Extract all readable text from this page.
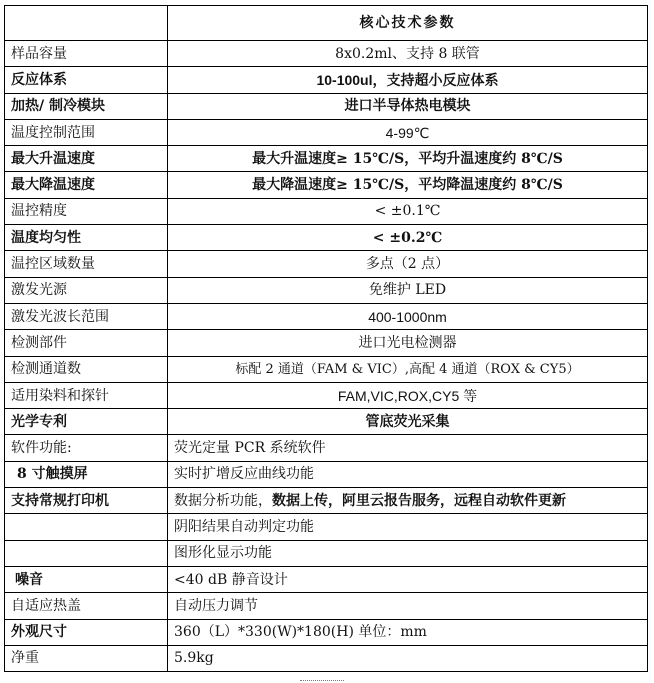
	核心技术参数
样品容量	8x0.2ml、支持 8 联管
反应体系	10-100ul，支持超小反应体系
加热/ 制冷模块	进口半导体热电模块
温度控制范围	4-99℃
最大升温速度	最大升温速度≥ 15℃/S，平均升温速度约 8℃/S
最大降温速度	最大降温速度≥ 15℃/S，平均降温速度约 8℃/S
温控精度	< ±0.1℃
温度均匀性	< ±0.2℃
温控区域数量	多点（2 点）
激发光源	免维护 LED
激发光波长范围	400-1000nm
检测部件	进口光电检测器
检测通道数	标配 2 通道（FAM & VIC）,高配 4 通道（ROX & CY5）
适用染料和探针	FAM,VIC,ROX,CY5 等
光学专利	管底荧光采集
软件功能:	荧光定量 PCR 系统软件
8 寸触摸屏	实时扩增反应曲线功能
支持常规打印机	数据分析功能，数据上传，阿里云报告服务，远程自动软件更新
	阴阳结果自动判定功能
	图形化显示功能
噪音	<40 dB 静音设计
自适应热盖	自动压力调节
外观尺寸	360（L）*330(W)*180(H) 单位：mm
净重	5.9kg
